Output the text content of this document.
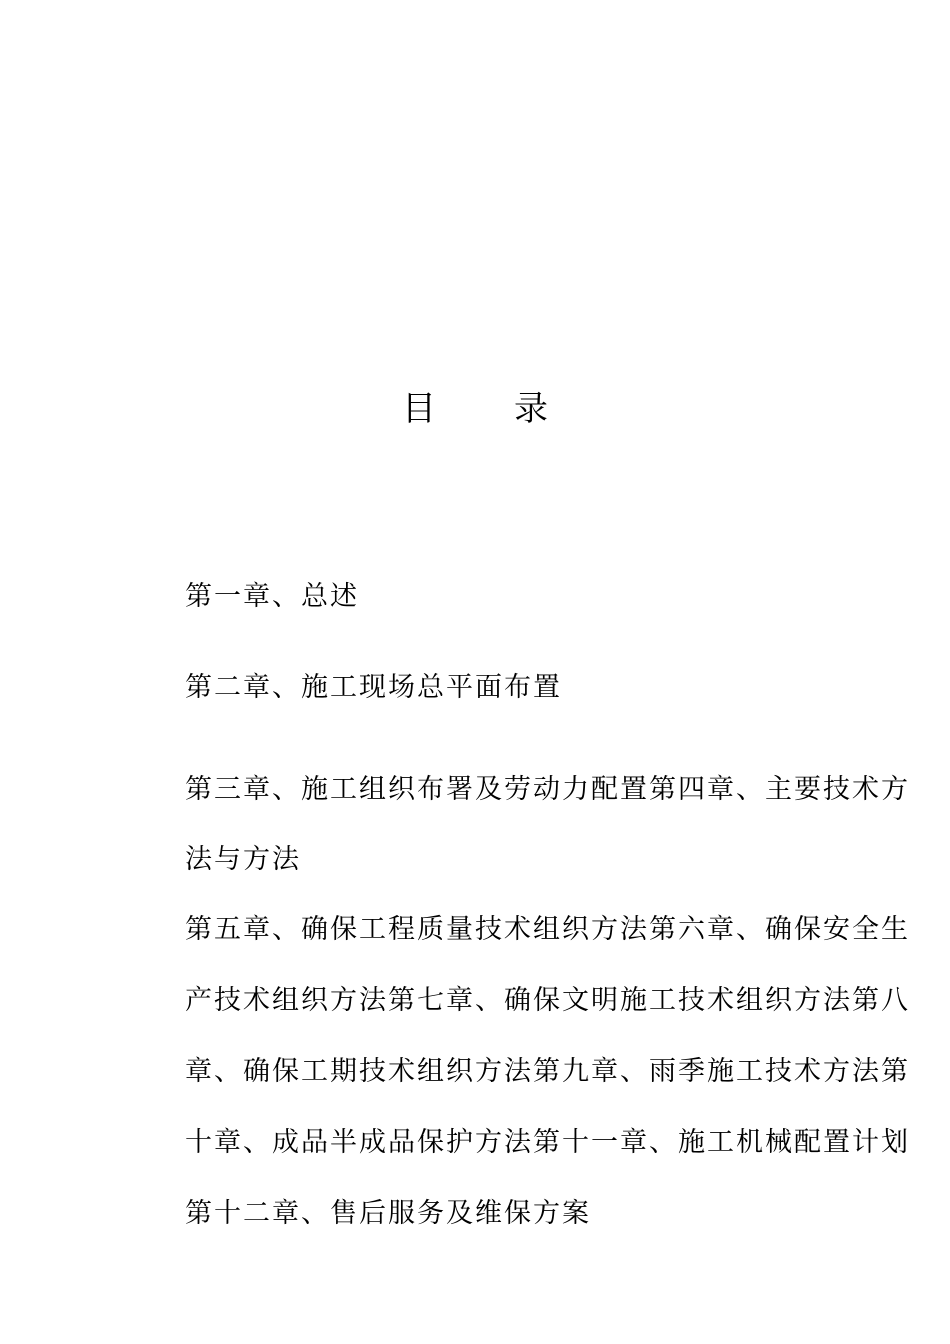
目 录
第一章、总述
第二章、施工现场总平面布置
第三章、施工组织布署及劳动力配置第四章、主要技术方
法与方法
第五章、确保工程质量技术组织方法第六章、确保安全生
产技术组织方法第七章、确保文明施工技术组织方法第八
章、确保工期技术组织方法第九章、雨季施工技术方法第
十章、成品半成品保护方法第十一章、施工机械配置计划
第十二章、售后服务及维保方案
